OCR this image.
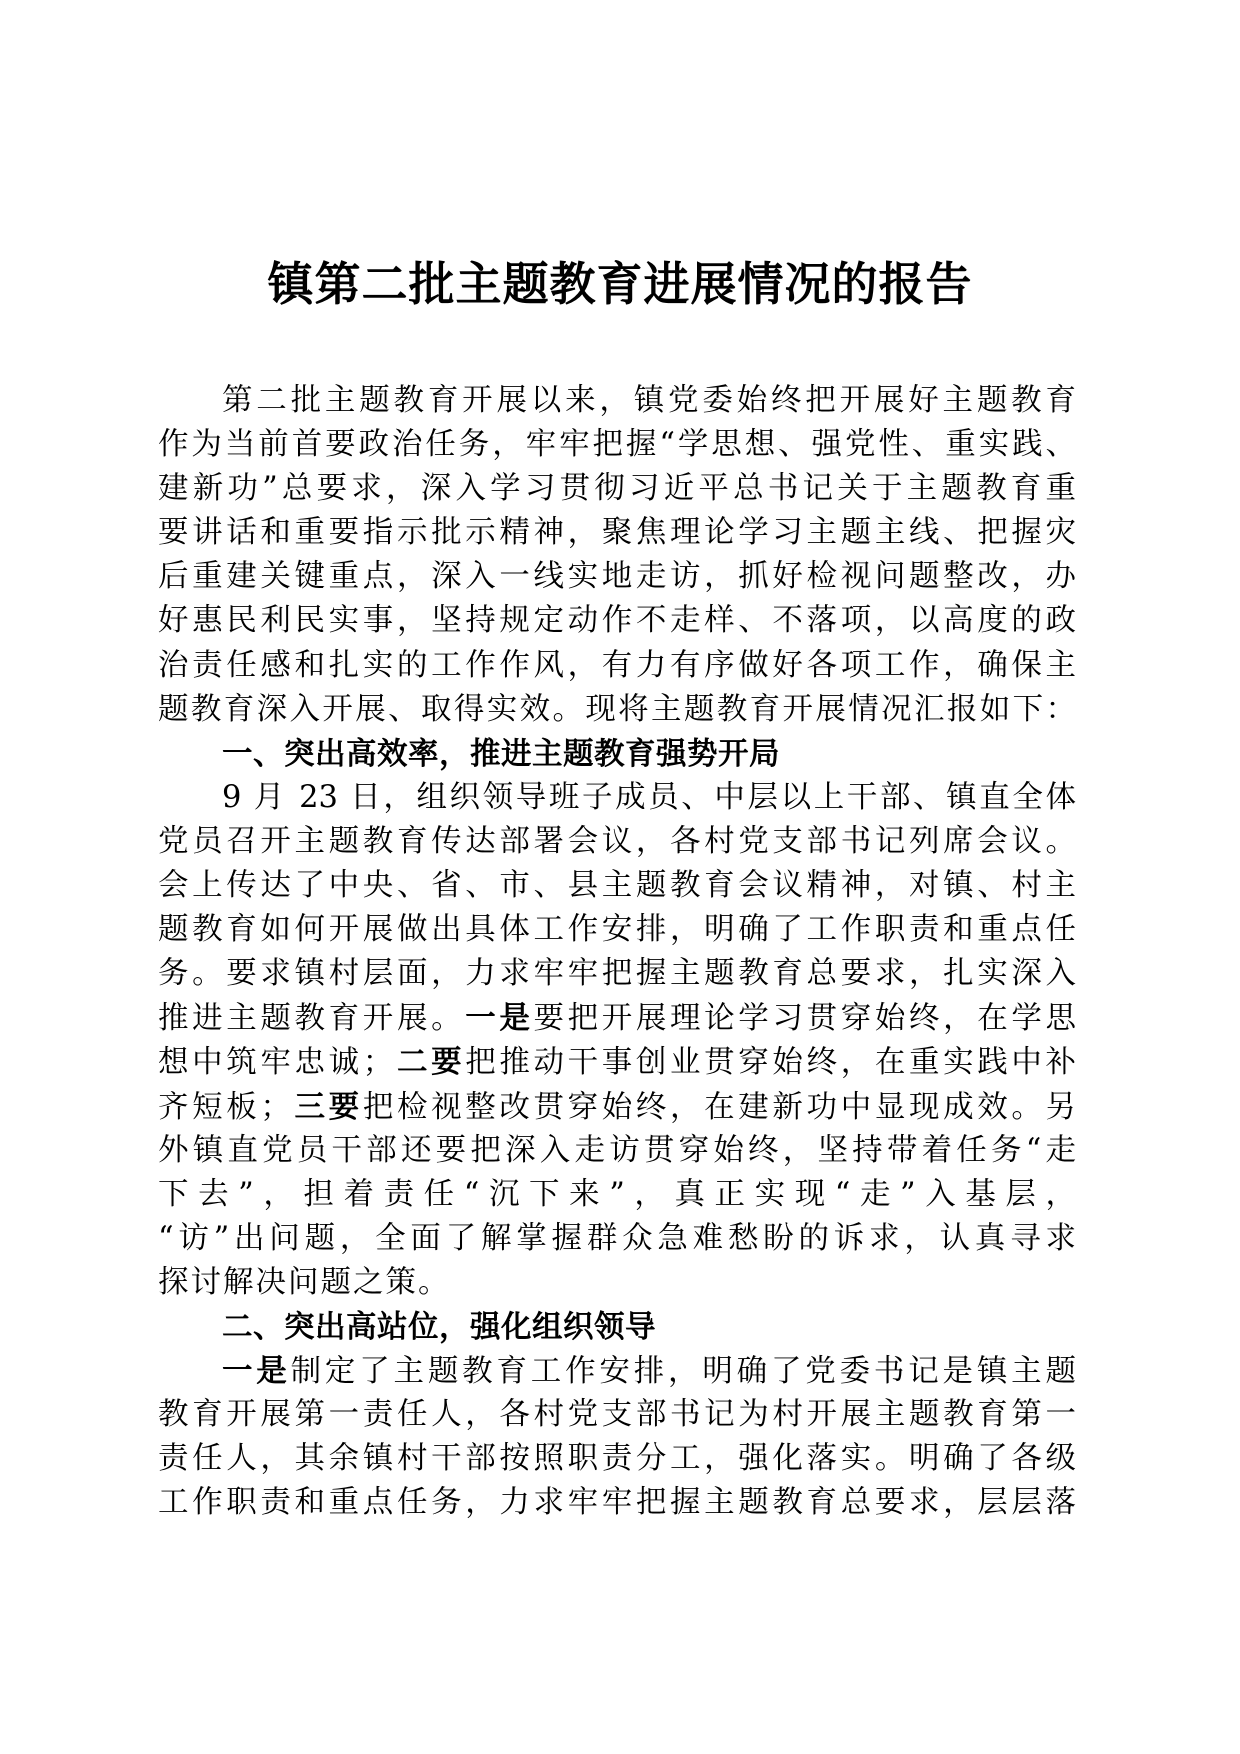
镇第二批主题教育进展情况的报告
第二批主题教育开展以来，镇党委始终把开展好主题教育
作为当前首要政治任务，牢牢把握“学思想、强党性、重实践、
建新功”总要求，深入学习贯彻习近平总书记关于主题教育重
要讲话和重要指示批示精神，聚焦理论学习主题主线、把握灾
后重建关键重点，深入一线实地走访，抓好检视问题整改，办
好惠民利民实事，坚持规定动作不走样、不落项，以高度的政
治责任感和扎实的工作作风，有力有序做好各项工作，确保主
题教育深入开展、取得实效。现将主题教育开展情况汇报如下：
一、突出高效率，推进主题教育强势开局
9 月 23 日，组织领导班子成员、中层以上干部、镇直全体
党员召开主题教育传达部署会议，各村党支部书记列席会议。
会上传达了中央、省、市、县主题教育会议精神，对镇、村主
题教育如何开展做出具体工作安排，明确了工作职责和重点任
务。要求镇村层面，力求牢牢把握主题教育总要求，扎实深入
推进主题教育开展。一是要把开展理论学习贯穿始终，在学思
想中筑牢忠诚；二要把推动干事创业贯穿始终，在重实践中补
齐短板；三要把检视整改贯穿始终，在建新功中显现成效。另
外镇直党员干部还要把深入走访贯穿始终，坚持带着任务“走
下去”，担着责任“沉下来”，真正实现“走”入基层，
“访”出问题，全面了解掌握群众急难愁盼的诉求，认真寻求
探讨解决问题之策。
二、突出高站位，强化组织领导
一是制定了主题教育工作安排，明确了党委书记是镇主题
教育开展第一责任人，各村党支部书记为村开展主题教育第一
责任人，其余镇村干部按照职责分工，强化落实。明确了各级
工作职责和重点任务，力求牢牢把握主题教育总要求，层层落
